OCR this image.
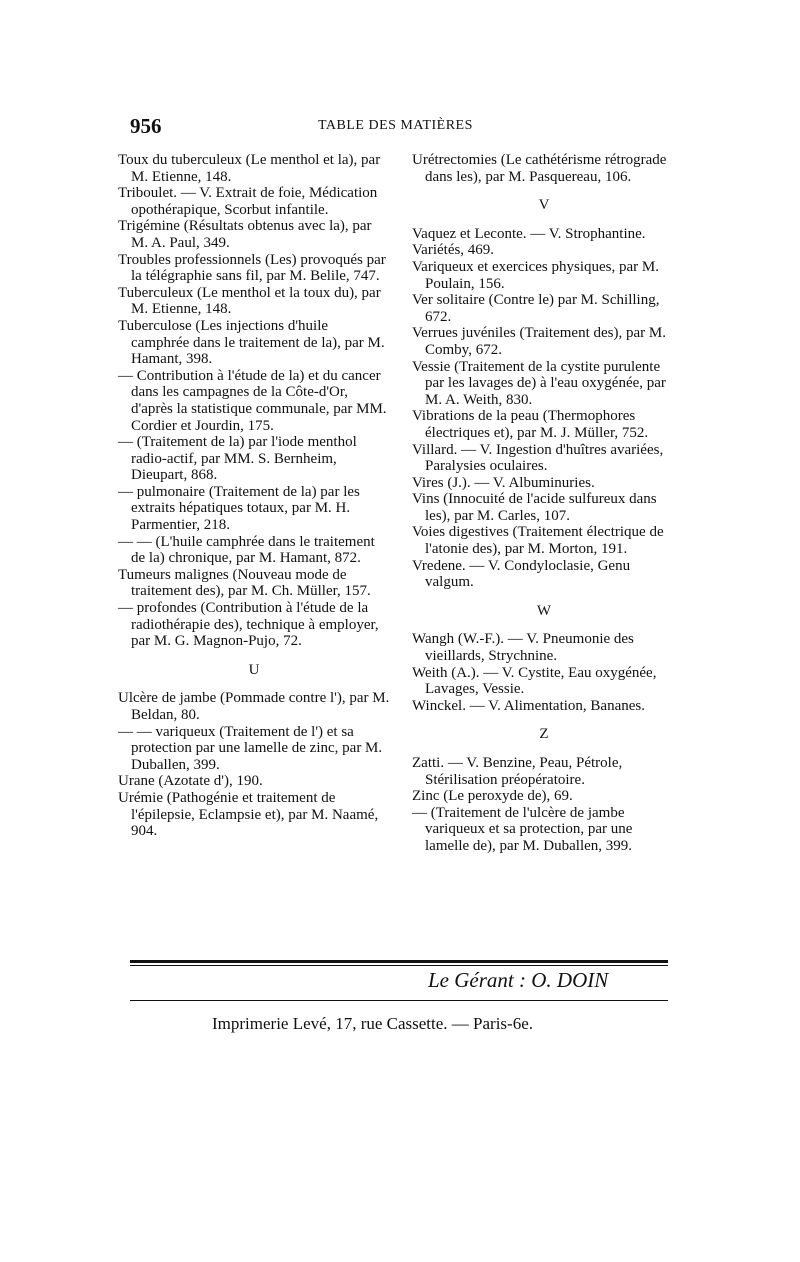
956	TABLE DES MATIÈRES

Toux du tuberculeux (Le menthol et la), par M. Etienne, 148.

Triboulet. — V. Extrait de foie, Médication opothérapique, Scorbut infantile.

Trigémine (Résultats obtenus avec la), par M. A. Paul, 349.

Troubles professionnels (Les) provoqués par la télégraphie sans fil, par M. Belile, 747.

Tuberculeux (Le menthol et la toux du), par M. Etienne, 148.

Tuberculose (Les injections d'huile camphrée dans le traitement de la), par M. Hamant, 398.

— Contribution à l'étude de la) et du cancer dans les campagnes de la Côte-d'Or, d'après la statistique communale, par MM. Cordier et Jourdin, 175.

— (Traitement de la) par l'iode menthol radio-actif, par MM. S. Bernheim, Dieupart, 868.

— pulmonaire (Traitement de la) par les extraits hépatiques totaux, par M. H. Parmentier, 218.

— — (L'huile camphrée dans le traitement de la) chronique, par M. Hamant, 872.

Tumeurs malignes (Nouveau mode de traitement des), par M. Ch. Müller, 157.

— profondes (Contribution à l'étude de la radiothérapie des), technique à employer, par M. G. Magnon-Pujo, 72.

U

Ulcère de jambe (Pommade contre l'), par M. Beldan, 80.

— — variqueux (Traitement de l') et sa protection par une lamelle de zinc, par M. Duballen, 399.

Urane (Azotate d'), 190.

Urémie (Pathogénie et traitement de l'épilepsie, Eclampsie et), par M. Naamé, 904.

Urétrectomies (Le cathétérisme rétrograde dans les), par M. Pasquereau, 106.

V

Vaquez et Leconte. — V. Strophantine.

Variétés, 469.

Variqueux et exercices physiques, par M. Poulain, 156.

Ver solitaire (Contre le) par M. Schilling, 672.

Verrues juvéniles (Traitement des), par M. Comby, 672.

Vessie (Traitement de la cystite purulente par les lavages de) à l'eau oxygénée, par M. A. Weith, 830.

Vibrations de la peau (Thermophores électriques et), par M. J. Müller, 752.

Villard. — V. Ingestion d'huîtres avariées, Paralysies oculaires.

Vires (J.). — V. Albuminuries.

Vins (Innocuité de l'acide sulfureux dans les), par M. Carles, 107.

Voies digestives (Traitement électrique de l'atonie des), par M. Morton, 191.

Vredene. — V. Condyloclasie, Genu valgum.

W

Wangh (W.-F.). — V. Pneumonie des vieillards, Strychnine.

Weith (A.). — V. Cystite, Eau oxygénée, Lavages, Vessie.

Winckel. — V. Alimentation, Bananes.

Z

Zatti. — V. Benzine, Peau, Pétrole, Stérilisation préopératoire.

Zinc (Le peroxyde de), 69.

— (Traitement de l'ulcère de jambe variqueux et sa protection, par une lamelle de), par M. Duballen, 399.

Le Gérant : O. DOIN
Imprimerie Levé, 17, rue Cassette. — Paris-6e.
